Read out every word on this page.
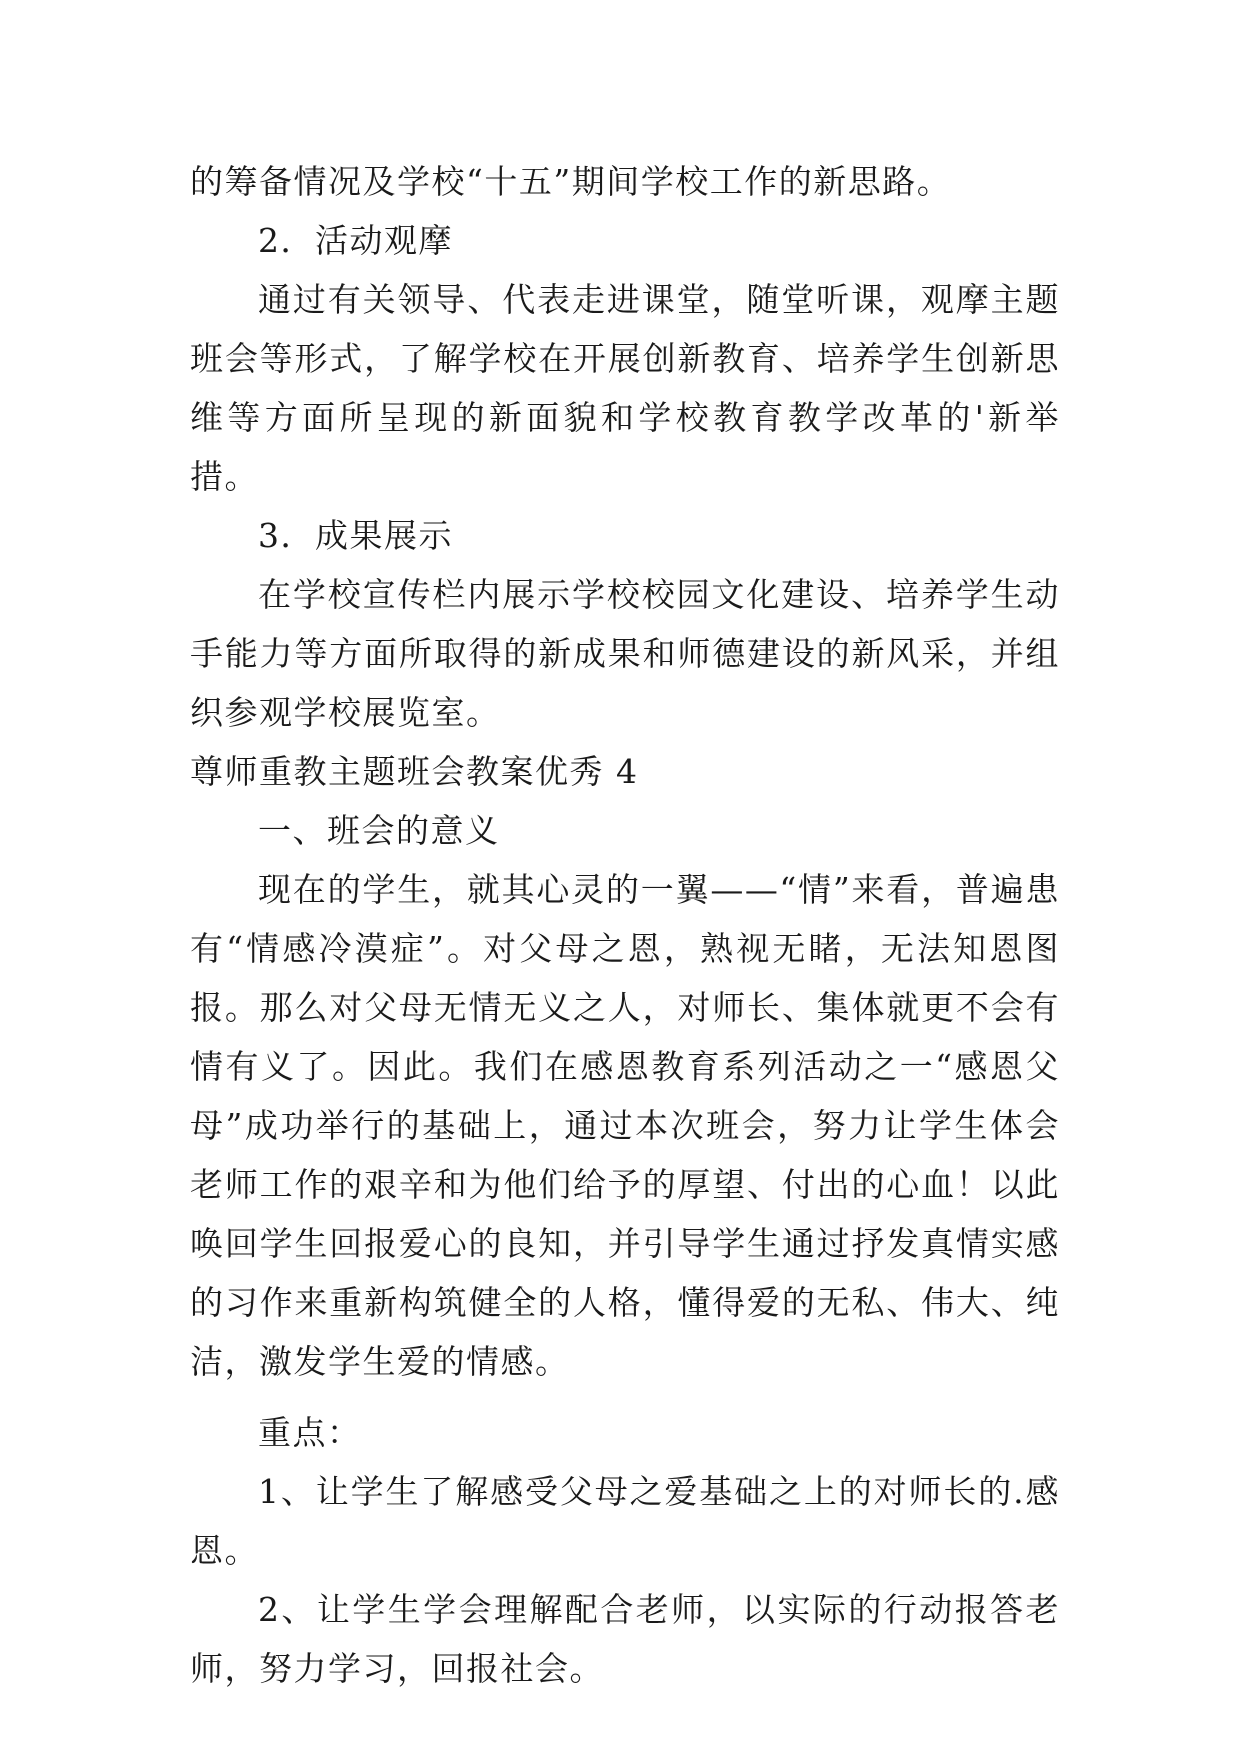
的筹备情况及学校“十五”期间学校工作的新思路。

2．活动观摩

通过有关领导、代表走进课堂，随堂听课，观摩主题班会等形式，了解学校在开展创新教育、培养学生创新思维等方面所呈现的新面貌和学校教育教学改革的'新举措。

3．成果展示

在学校宣传栏内展示学校校园文化建设、培养学生动手能力等方面所取得的新成果和师德建设的新风采，并组织参观学校展览室。

尊师重教主题班会教案优秀 4

一、班会的意义

现在的学生，就其心灵的一翼——“情”来看，普遍患有“情感冷漠症”。对父母之恩，熟视无睹，无法知恩图报。那么对父母无情无义之人，对师长、集体就更不会有情有义了。因此。我们在感恩教育系列活动之一“感恩父母”成功举行的基础上，通过本次班会，努力让学生体会老师工作的艰辛和为他们给予的厚望、付出的心血！以此唤回学生回报爱心的良知，并引导学生通过抒发真情实感的习作来重新构筑健全的人格，懂得爱的无私、伟大、纯洁，激发学生爱的情感。

重点：

1、让学生了解感受父母之爱基础之上的对师长的.感恩。

2、让学生学会理解配合老师，以实际的行动报答老师，努力学习，回报社会。
